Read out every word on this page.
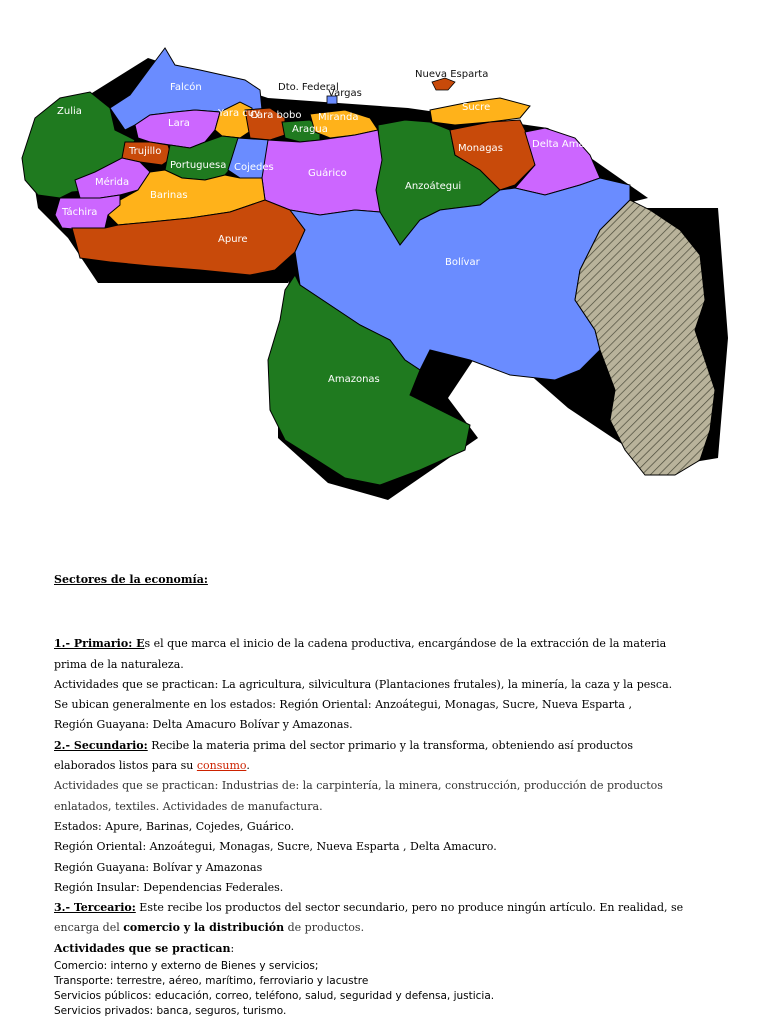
Zulia
Falcón
Lara
Yara cuy
Cara bobo
Dto. Federal
Vargas
Miranda
Aragua
Nueva Esparta
Sucre
Monagas	Delta Amacuro
Trujillo
Portuguesa Cojedes
Guárico
Anzoátegui
Mérida
Barinas
Táchira
Apure
Bolívar
Amazonas

Sectores de la economía:

1.- Primario: Es el que marca el inicio de la cadena productiva, encargándose de la extracción de la materia

prima de la naturaleza.

Actividades que se practican: La agricultura, silvicultura (Plantaciones frutales), la minería, la caza y la pesca.

Se ubican generalmente en los estados: Región Oriental: Anzoátegui, Monagas, Sucre, Nueva Esparta ,

Región Guayana: Delta Amacuro Bolívar y Amazonas.

2.- Secundario: Recibe la materia prima del sector primario y la transforma, obteniendo así productos

elaborados listos para su consumo.

Actividades que se practican: Industrias de: la carpintería, la minera, construcción, producción de productos

enlatados, textiles. Actividades de manufactura.

Estados: Apure, Barinas, Cojedes, Guárico.

Región Oriental: Anzoátegui, Monagas, Sucre, Nueva Esparta , Delta Amacuro.

Región Guayana: Bolívar y Amazonas

Región Insular: Dependencias Federales.

3.- Terceario: Este recibe los productos del sector secundario, pero no produce ningún artículo. En realidad, se

encarga del comercio y la distribución de productos.

Actividades que se practican:

Comercio: interno y externo de Bienes y servicios;

Transporte: terrestre, aéreo, marítimo, ferroviario y lacustre

Servicios públicos: educación, correo, teléfono, salud, seguridad y defensa, justicia.

Servicios privados: banca, seguros, turismo.
